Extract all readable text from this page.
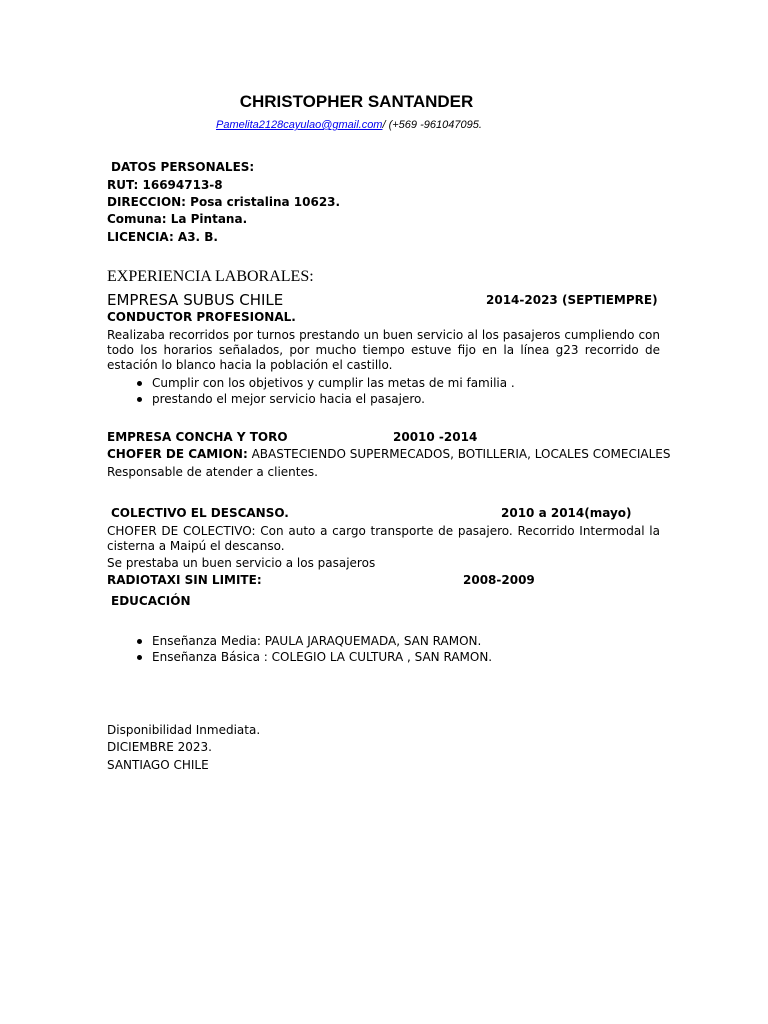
CHRISTOPHER SANTANDER
Pamelita2128cayulao@gmail.com/ (+569 -961047095.
DATOS PERSONALES:
RUT: 16694713-8
DIRECCION: Posa cristalina 10623.
Comuna: La Pintana.
LICENCIA: A3. B.
EXPERIENCIA LABORALES:
EMPRESA SUBUS CHILE	2014-2023 (SEPTIEMPRE)
CONDUCTOR PROFESIONAL.
Realizaba recorridos por turnos prestando un buen servicio al los pasajeros cumpliendo con todo los horarios señalados, por mucho tiempo estuve fijo en la línea g23 recorrido de estación lo blanco hacia la población el castillo.
Cumplir con los objetivos y cumplir las metas de mi familia .
prestando el mejor servicio hacia el pasajero.
EMPRESA CONCHA Y TORO	20010 -2014
CHOFER DE CAMION: ABASTECIENDO SUPERMECADOS, BOTILLERIA, LOCALES COMECIALES
Responsable de atender a clientes.
COLECTIVO EL DESCANSO.	2010 a 2014(mayo)
CHOFER DE COLECTIVO: Con auto a cargo transporte de pasajero. Recorrido Intermodal la cisterna a Maipú el descanso.
Se prestaba un buen servicio a los pasajeros
RADIOTAXI SIN LIMITE:	2008-2009
EDUCACIÓN
Enseñanza Media: PAULA JARAQUEMADA, SAN RAMON.
Enseñanza Básica : COLEGIO LA CULTURA , SAN RAMON.
Disponibilidad Inmediata.
DICIEMBRE 2023.
SANTIAGO CHILE
